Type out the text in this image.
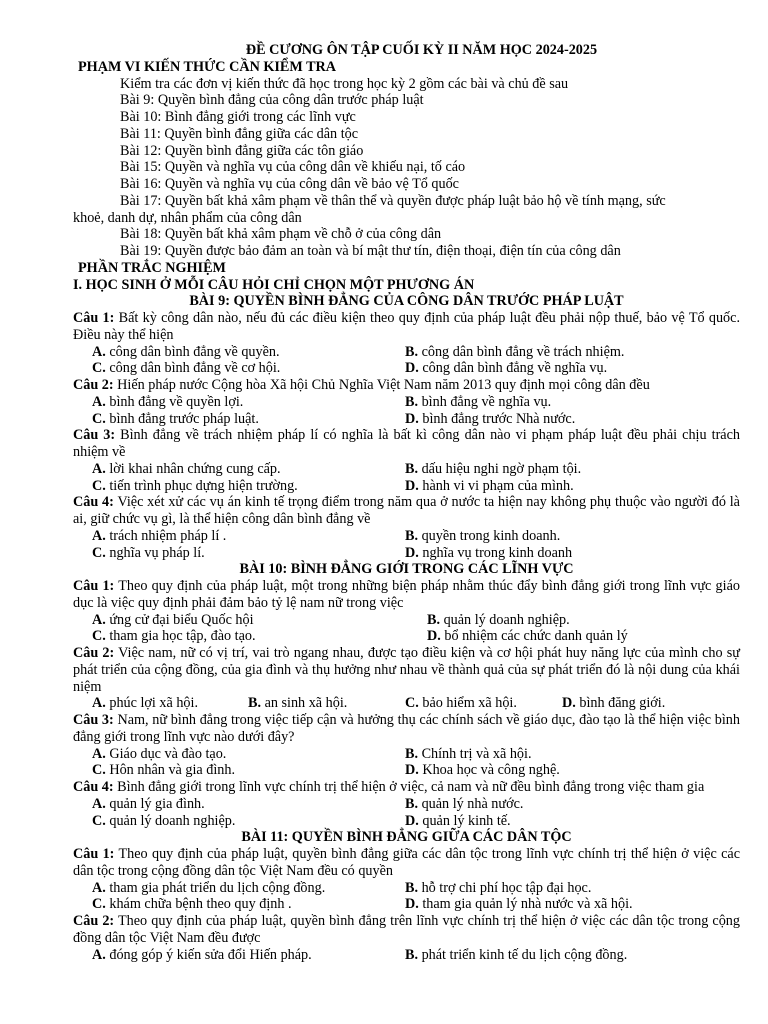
ĐỀ CƯƠNG ÔN TẬP CUỐI KỲ II NĂM HỌC 2024-2025
PHẠM VI KIẾN THỨC CẦN KIỂM TRA
Kiểm tra các đơn vị kiến thức đã học trong học kỳ 2 gồm các bài và chủ đề sau
Bài 9: Quyền bình đẳng của công dân trước pháp luật
Bài 10: Bình đẳng giới trong các lĩnh vực
Bài 11: Quyền bình đẳng giữa các dân tộc
Bài 12: Quyền bình đẳng giữa các tôn giáo
Bài 15: Quyền và nghĩa vụ của công dân về khiếu nại, tố cáo
Bài 16: Quyền và nghĩa vụ của công dân về bảo vệ Tổ quốc
Bài 17: Quyền bất khả xâm phạm về thân thể và quyền được pháp luật bảo hộ về tính mạng, sức
khoẻ, danh dự, nhân phẩm của công dân
Bài 18: Quyền bất khả xâm phạm về chỗ ở của công dân
Bài 19: Quyền được bảo đảm an toàn và bí mật thư tín, điện thoại, điện tín của công dân
PHẦN TRẮC NGHIỆM
I. HỌC SINH Ở MỖI CÂU HỎI CHỈ CHỌN MỘT PHƯƠNG ÁN
BÀI 9: QUYỀN BÌNH ĐẲNG CỦA CÔNG DÂN TRƯỚC PHÁP LUẬT
Câu 1: Bất kỳ công dân nào, nếu đủ các điều kiện theo quy định của pháp luật đều phải nộp thuế, bảo vệ Tổ quốc. Điều này thể hiện
A. công dân bình đẳng về quyền.	B. công dân bình đẳng về trách nhiệm.
C. công dân bình đẳng về cơ hội.	D. công dân bình đẳng về nghĩa vụ.
Câu 2: Hiến pháp nước Cộng hòa Xã hội Chủ Nghĩa Việt Nam năm 2013 quy định mọi công dân đều
A. bình đẳng về quyền lợi.	B. bình đẳng về nghĩa vụ.
C. bình đẳng trước pháp luật.	D. bình đẳng trước Nhà nước.
Câu 3: Bình đẳng về trách nhiệm pháp lí có nghĩa là bất kì công dân nào vi phạm pháp luật đều phải chịu trách nhiệm về
A. lời khai nhân chứng cung cấp.	B. dấu hiệu nghi ngờ phạm tội.
C. tiến trình phục dựng hiện trường.	D. hành vi vi phạm của mình.
Câu 4: Việc xét xử các vụ án kinh tế trọng điểm trong năm qua ở nước ta hiện nay không phụ thuộc vào người đó là ai, giữ chức vụ gì, là thể hiện công dân bình đẳng về
A. trách nhiệm pháp lí .	B. quyền trong kinh doanh.
C. nghĩa vụ pháp lí.	D. nghĩa vụ trong kinh doanh
BÀI 10: BÌNH ĐẲNG GIỚI TRONG CÁC LĨNH VỰC
Câu 1: Theo quy định của pháp luật, một trong những biện pháp nhằm thúc đẩy bình đẳng giới trong lĩnh vực giáo dục là việc quy định phải đảm bảo tỷ lệ nam nữ trong việc
A. ứng cử đại biểu Quốc hội	B. quản lý doanh nghiệp.
C. tham gia học tập, đào tạo.	D. bổ nhiệm các chức danh quản lý
Câu 2: Việc nam, nữ có vị trí, vai trò ngang nhau, được tạo điều kiện và cơ hội phát huy năng lực của mình cho sự phát triển của cộng đồng, của gia đình và thụ hưởng như nhau về thành quả của sự phát triển đó là nội dung của khái niệm
A. phúc lợi xã hội.	B. an sinh xã hội.	C. bảo hiểm xã hội.	D. bình đăng giới.
Câu 3: Nam, nữ bình đẳng trong việc tiếp cận và hưởng thụ các chính sách về giáo dục, đào tạo là thể hiện việc bình đẳng giới trong lĩnh vực nào dưới đây?
A. Giáo dục và đào tạo.	B. Chính trị và xã hội.
C. Hôn nhân và gia đình.	D. Khoa học và công nghệ.
Câu 4: Bình đẳng giới trong lĩnh vực chính trị thể hiện ở việc, cả nam và nữ đều bình đẳng trong việc tham gia
A. quản lý gia đình.	B. quản lý nhà nước.
C. quản lý doanh nghiệp.	D. quản lý kinh tế.
BÀI 11: QUYỀN BÌNH ĐẲNG GIỮA CÁC DÂN TỘC
Câu 1: Theo quy định của pháp luật, quyền bình đẳng giữa các dân tộc trong lĩnh vực chính trị thể hiện ở việc các dân tộc trong cộng đồng dân tộc Việt Nam đều có quyền
A. tham gia phát triển du lịch cộng đồng.	B. hỗ trợ chi phí học tập đại học.
C. khám chữa bệnh theo quy định .	D. tham gia quản lý nhà nước và xã hội.
Câu 2: Theo quy định của pháp luật, quyền bình đẳng trên lĩnh vực chính trị thể hiện ở việc các dân tộc trong cộng đồng dân tộc Việt Nam đều được
A. đóng góp ý kiến sửa đổi Hiến pháp.	B. phát triển kinh tế du lịch cộng đồng.
